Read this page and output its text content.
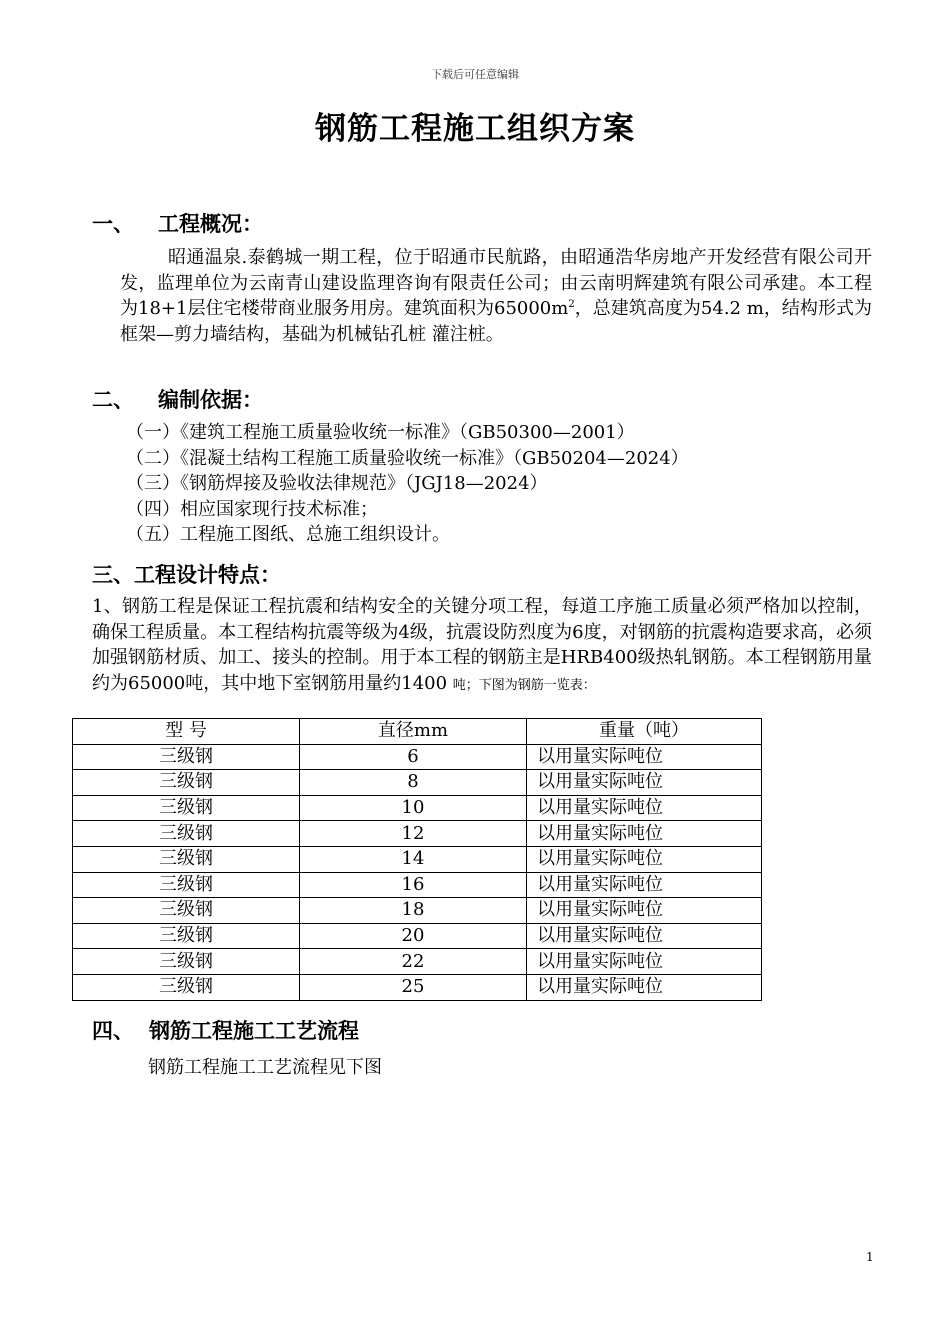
下载后可任意编辑
钢筋工程施工组织方案
一、 工程概况：
昭通温泉.泰鹤城一期工程，位于昭通市民航路，由昭通浩华房地产开发经营有限公司开发，监理单位为云南青山建设监理咨询有限责任公司；由云南明辉建筑有限公司承建。本工程为18+1层住宅楼带商业服务用房。建筑面积为$65000m^2$，总建筑高度为54.2 m，结构形式为框架—剪力墙结构，基础为机械钻孔桩 灌注桩。
二、 编制依据：
（一）《建筑工程施工质量验收统一标准》（GB50300—2001）
（二）《混凝土结构工程施工质量验收统一标准》（GB50204—2024）
（三）《钢筋焊接及验收法律规范》（JGJ18—2024）
（四）相应国家现行技术标准；
（五）工程施工图纸、总施工组织设计。
三、工程设计特点：
1、钢筋工程是保证工程抗震和结构安全的关键分项工程，每道工序施工质量必须严格加以控制，确保工程质量。本工程结构抗震等级为4级，抗震设防烈度为6度，对钢筋的抗震构造要求高，必须加强钢筋材质、加工、接头的控制。用于本工程的钢筋主是HRB400级热轧钢筋。本工程钢筋用量约为65000吨，其中地下室钢筋用量约1400 吨；下图为钢筋一览表：
型 号	直径mm	重量（吨）
三级钢	6	以用量实际吨位
三级钢	8	以用量实际吨位
三级钢	10	以用量实际吨位
三级钢	12	以用量实际吨位
三级钢	14	以用量实际吨位
三级钢	16	以用量实际吨位
三级钢	18	以用量实际吨位
三级钢	20	以用量实际吨位
三级钢	22	以用量实际吨位
三级钢	25	以用量实际吨位
四、 钢筋工程施工工艺流程
钢筋工程施工工艺流程见下图
1
